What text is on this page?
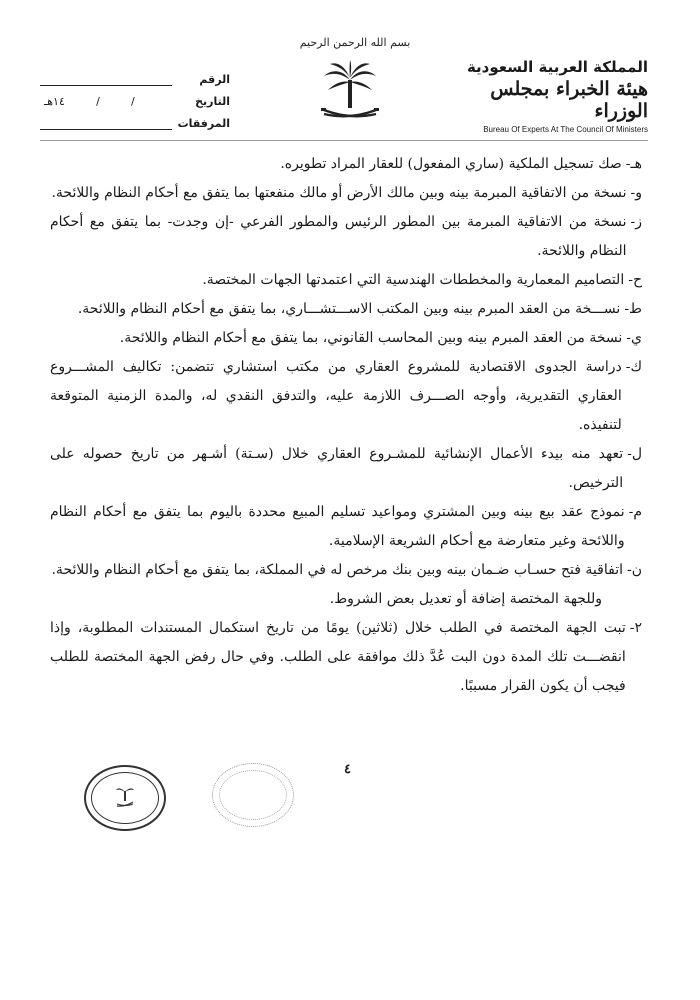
الرقم
التاريخ
/
/
١٤هـ
المرفقات
بسم الله الرحمن الرحيم
المملكة العربية السعودية
هيئة الخبراء بمجلس الوزراء
Bureau Of Experts At The Council Of Ministers
هـ-
صك تسجيل الملكية (ساري المفعول) للعقار المراد تطويره.
و-
نسخة من الاتفاقية المبرمة بينه وبين مالك الأرض أو مالك منفعتها بما يتفق مع أحكام النظام واللائحة.
ز-
نسخة من الاتفاقية المبرمة بين المطور الرئيس والمطور الفرعي -إن وجدت- بما يتفق مع أحكام النظام واللائحة.
ح-
التصاميم المعمارية والمخططات الهندسية التي اعتمدتها الجهات المختصة.
ط-
نســـخة من العقد المبرم بينه وبين المكتب الاســـتشـــاري، بما يتفق مع أحكام النظام واللائحة.
ي-
نسخة من العقد المبرم بينه وبين المحاسب القانوني، بما يتفق مع أحكام النظام واللائحة.
ك-
دراسة الجدوى الاقتصادية للمشروع العقاري من مكتب استشاري تتضمن: تكاليف المشـــروع العقاري التقديرية، وأوجه الصـــرف اللازمة عليه، والتدفق النقدي له، والمدة الزمنية المتوقعة لتنفيذه.
ل-
تعهد منه بيدء الأعمال الإنشائية للمشـروع العقاري خلال (سـتة) أشـهر من تاريخ حصوله على الترخيص.
م-
نموذج عقد بيع بينه وبين المشتري ومواعيد تسليم المبيع محددة باليوم بما يتفق مع أحكام النظام واللائحة وغير متعارضة مع أحكام الشريعة الإسلامية.
ن-
اتفاقية فتح حسـاب ضـمان بينه وبين بنك مرخص له في المملكة، بما يتفق مع أحكام النظام واللائحة.
وللجهة المختصة إضافة أو تعديل بعض الشروط.
٢-
تبت الجهة المختصة في الطلب خلال (ثلاثين) يومًا من تاريخ استكمال المستندات المطلوبة، وإذا انقضـــت تلك المدة دون البت عُدَّ ذلك موافقة على الطلب. وفي حال رفض الجهة المختصة للطلب فيجب أن يكون القرار مسببًا.
٤
